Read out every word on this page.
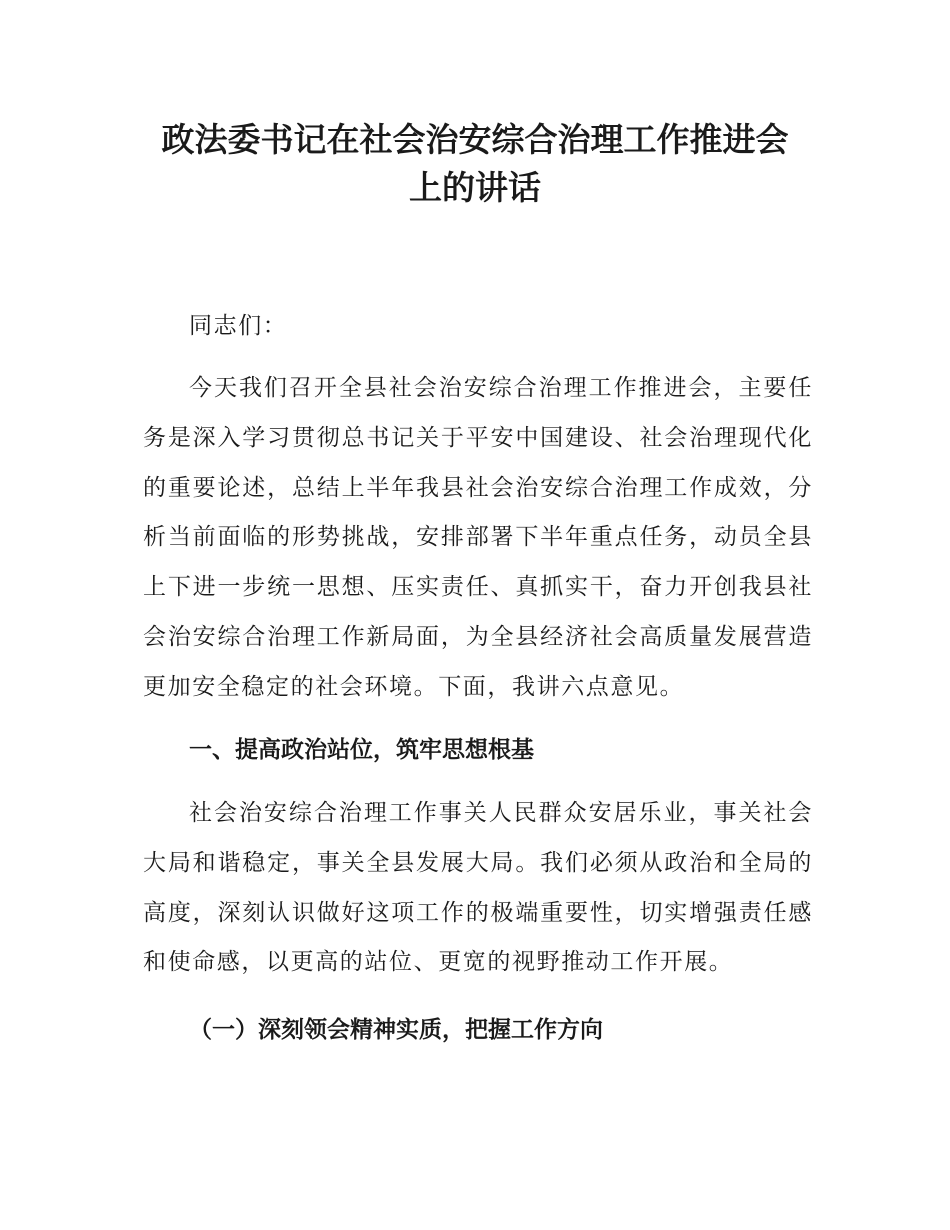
政法委书记在社会治安综合治理工作推进会
上的讲话

同志们：

今天我们召开全县社会治安综合治理工作推进会，主要任务是深入学习贯彻总书记关于平安中国建设、社会治理现代化的重要论述，总结上半年我县社会治安综合治理工作成效，分析当前面临的形势挑战，安排部署下半年重点任务，动员全县上下进一步统一思想、压实责任、真抓实干，奋力开创我县社会治安综合治理工作新局面，为全县经济社会高质量发展营造更加安全稳定的社会环境。下面，我讲六点意见。

一、提高政治站位，筑牢思想根基

社会治安综合治理工作事关人民群众安居乐业，事关社会大局和谐稳定，事关全县发展大局。我们必须从政治和全局的高度，深刻认识做好这项工作的极端重要性，切实增强责任感和使命感，以更高的站位、更宽的视野推动工作开展。

（一）深刻领会精神实质，把握工作方向
